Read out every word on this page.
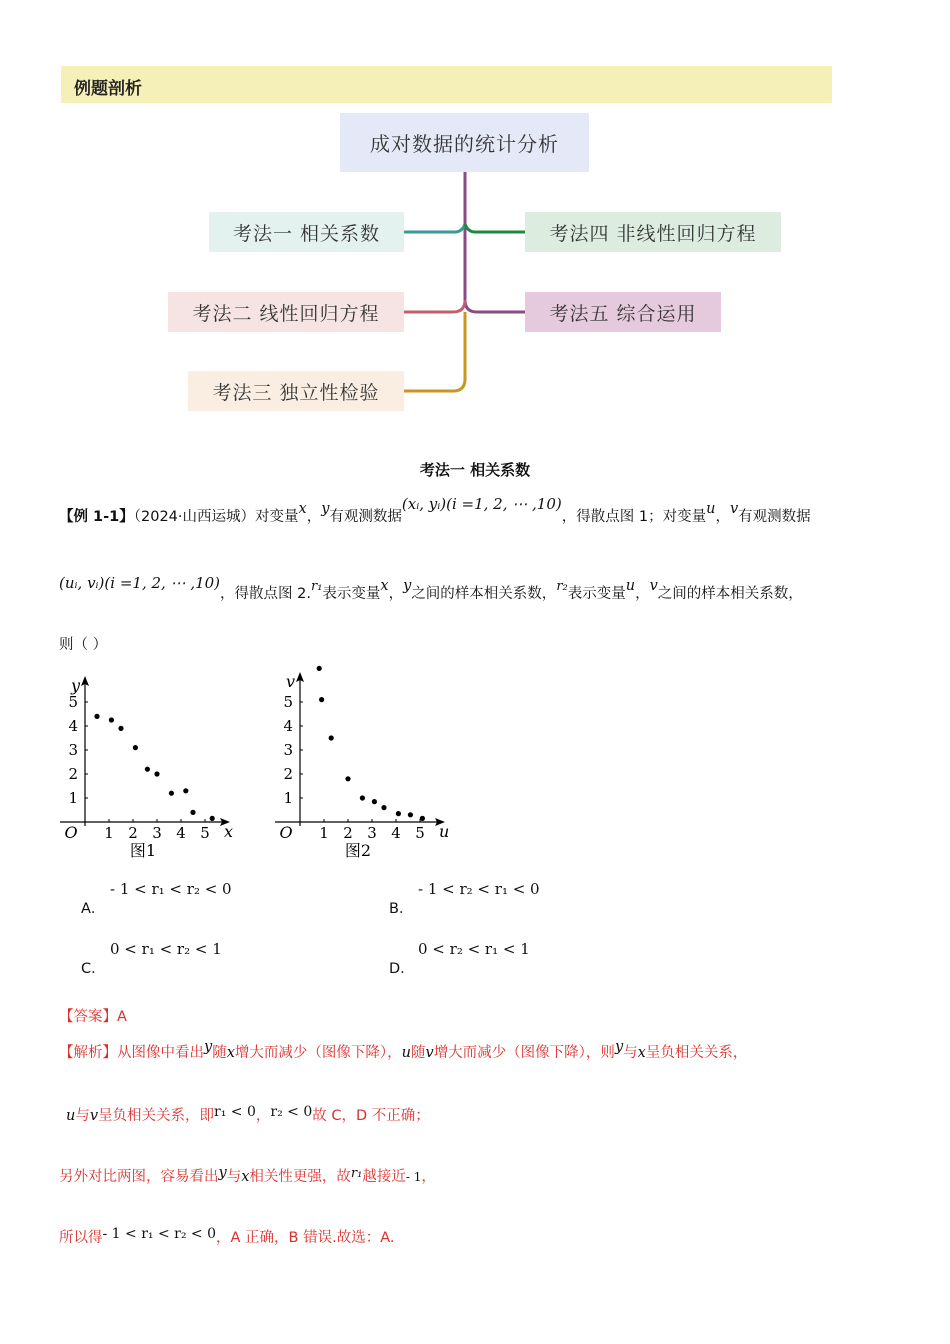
例题剖析
成对数据的统计分析
考法一 相关系数
考法二 线性回归方程
考法三 独立性检验
考法四 非线性回归方程
考法五 综合运用
考法一 相关系数
【例 1-1】（2024·山西运城）对变量x，y有观测数据(xᵢ, yᵢ)(i =1, 2, ⋯ ,10)，得散点图 1；对变量u，v有观测数据
(uᵢ, vᵢ)(i =1, 2, ⋯ ,10)，得散点图 2.r₁表示变量x，y之间的样本相关系数，r₂表示变量u，v之间的样本相关系数，
则（ ）
1 2 3 4 5
1
2
3
4
5
O	x
y
图1
1 2 3 4 5
1
2
3
4
5
O	u
v
图2
A．
- 1 < r₁ < r₂ < 0
B．
- 1 < r₂ < r₁ < 0
C．
0 < r₁ < r₂ < 1
D．
0 < r₂ < r₁ < 1
【答案】A
【解析】从图像中看出y随x增大而减少（图像下降），u随v增大而减少（图像下降），则y与x呈负相关关系，
u与v呈负相关关系，即r₁ < 0，r₂ < 0故 C，D 不正确；
另外对比两图，容易看出y与x相关性更强，故r₁越接近- 1，
所以得- 1 < r₁ < r₂ < 0，A 正确，B 错误.故选：A.
